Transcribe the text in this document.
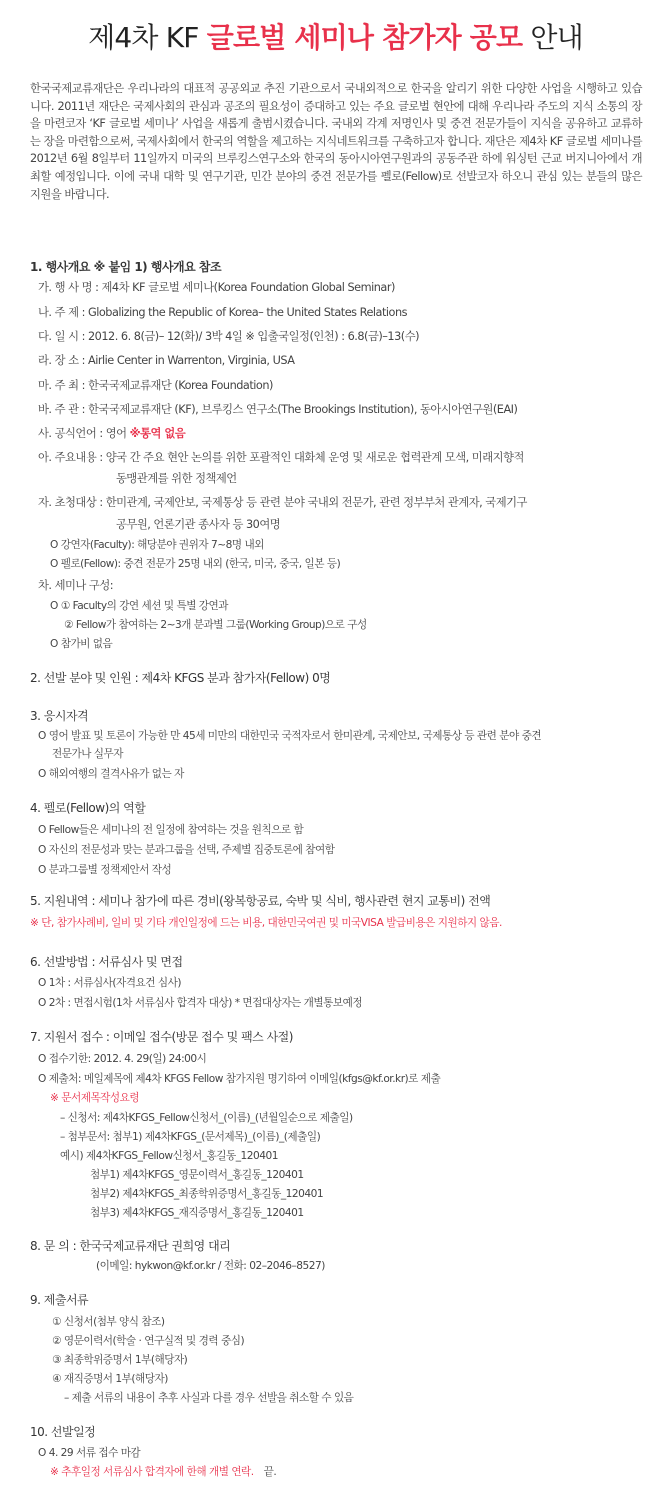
제4차 KF 글로벌 세미나 참가자 공모 안내
한국국제교류재단은 우리나라의 대표적 공공외교 추진 기관으로서 국내외적으로 한국을 알리기 위한 다양한 사업을 시행하고 있습니다. 2011년 재단은 국제사회의 관심과 공조의 필요성이 증대하고 있는 주요 글로벌 현안에 대해 우리나라 주도의 지식 소통의 장을 마련코자 ‘KF 글로벌 세미나’ 사업을 새롭게 출범시켰습니다. 국내외 각계 저명인사 및 중견 전문가들이 지식을 공유하고 교류하는 장을 마련함으로써, 국제사회에서 한국의 역할을 제고하는 지식네트워크를 구축하고자 합니다. 재단은 제4차 KF 글로벌 세미나를 2012년 6월 8일부터 11일까지 미국의 브루킹스연구소와 한국의 동아시아연구원과의 공동주관 하에 워싱턴 근교 버지니아에서 개최할 예정입니다. 이에 국내 대학 및 연구기관, 민간 분야의 중견 전문가를 펠로(Fellow)로 선발코자 하오니 관심 있는 분들의 많은 지원을 바랍니다.
1. 행사개요 ※ 붙임 1) 행사개요 참조
가. 행 사 명 : 제4차 KF 글로벌 세미나(Korea Foundation Global Seminar)
나. 주 제 : Globalizing the Republic of Korea– the United States Relations
다. 일 시 : 2012. 6. 8(금)– 12(화)/ 3박 4일 ※ 입출국일정(인천) : 6.8(금)–13(수)
라. 장 소 : Airlie Center in Warrenton, Virginia, USA
마. 주 최 : 한국국제교류재단 (Korea Foundation)
바. 주 관 : 한국국제교류재단 (KF), 브루킹스 연구소(The Brookings Institution), 동아시아연구원(EAI)
사. 공식언어 : 영어 ※통역 없음
아. 주요내용 : 양국 간 주요 현안 논의를 위한 포괄적인 대화체 운영 및 새로운 협력관계 모색, 미래지향적
동맹관계를 위한 정책제언
자. 초청대상 : 한미관계, 국제안보, 국제통상 등 관련 분야 국내외 전문가, 관련 정부부처 관계자, 국제기구
공무원, 언론기관 종사자 등 30여명
O 강연자(Faculty): 해당분야 권위자 7~8명 내외
O 펠로(Fellow): 중견 전문가 25명 내외 (한국, 미국, 중국, 일본 등)
차. 세미나 구성:
O ① Faculty의 강연 세션 및 특별 강연과
② Fellow가 참여하는 2∼3개 분과별 그룹(Working Group)으로 구성
O 참가비 없음
2. 선발 분야 및 인원 : 제4차 KFGS 분과 참가자(Fellow) 0명
3. 응시자격
O 영어 발표 및 토론이 가능한 만 45세 미만의 대한민국 국적자로서 한미관계, 국제안보, 국제통상 등 관련 분야 중견
전문가나 실무자
O 해외여행의 결격사유가 없는 자
4. 펠로(Fellow)의 역할
O Fellow들은 세미나의 전 일정에 참여하는 것을 원칙으로 함
O 자신의 전문성과 맞는 분과그룹을 선택, 주제별 집중토론에 참여함
O 분과그룹별 정책제안서 작성
5. 지원내역 : 세미나 참가에 따른 경비(왕복항공료, 숙박 및 식비, 행사관련 현지 교통비) 전액
※ 단, 참가사례비, 일비 및 기타 개인일정에 드는 비용, 대한민국여권 및 미국VISA 발급비용은 지원하지 않음.
6. 선발방법 : 서류심사 및 면접
O 1차 : 서류심사(자격요건 심사)
O 2차 : 면접시험(1차 서류심사 합격자 대상) * 면접대상자는 개별통보예정
7. 지원서 접수 : 이메일 접수(방문 접수 및 팩스 사절)
O 접수기한: 2012. 4. 29(일) 24:00시
O 제출처: 메일제목에 제4차 KFGS Fellow 참가지원 명기하여 이메일(kfgs@kf.or.kr)로 제출
※ 문서제목작성요령
– 신청서: 제4차KFGS_Fellow신청서_(이름)_(년월일순으로 제출일)
– 첨부문서: 첨부1) 제4차KFGS_(문서제목)_(이름)_(제출일)
예시) 제4차KFGS_Fellow신청서_홍길동_120401
첨부1) 제4차KFGS_영문이력서_홍길동_120401
첨부2) 제4차KFGS_최종학위증명서_홍길동_120401
첨부3) 제4차KFGS_재직증명서_홍길동_120401
8. 문 의 : 한국국제교류재단 권희영 대리
(이메일: hykwon@kf.or.kr / 전화: 02–2046–8527)
9. 제출서류
① 신청서(첨부 양식 참조)
② 영문이력서(학술 · 연구실적 및 경력 중심)
③ 최종학위증명서 1부(해당자)
④ 재직증명서 1부(해당자)
– 제출 서류의 내용이 추후 사실과 다를 경우 선발을 취소할 수 있음
10. 선발일정
O 4. 29 서류 접수 마감
※ 추후일정 서류심사 합격자에 한해 개별 연락. 끝.
